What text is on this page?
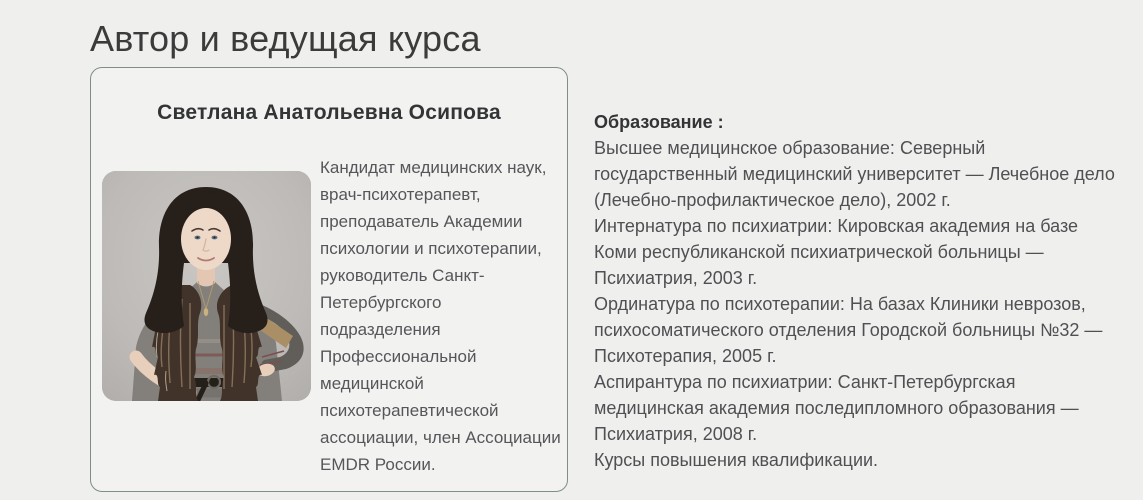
Автор и ведущая курса
Светлана Анатольевна Осипова
Кандидат медицинских наук, врач-психотерапевт, преподаватель Академии психологии и психотерапии, руководитель Санкт-Петербургского подразделения Профессиональной медицинской психотерапевтической ассоциации, член Ассоциации EMDR России.

Образование :

Высшее медицинское образование: Северный государственный медицинский университет — Лечебное дело (Лечебно-профилактическое дело), 2002 г.

Интернатура по психиатрии: Кировская академия на базе Коми республиканской психиатрической больницы — Психиатрия, 2003 г.

Ординатура по психотерапии: На базах Клиники неврозов, психосоматического отделения Городской больницы №32 — Психотерапия, 2005 г.

Аспирантура по психиатрии: Санкт-Петербургская медицинская академия последипломного образования — Психиатрия, 2008 г.

Курсы повышения квалификации.
